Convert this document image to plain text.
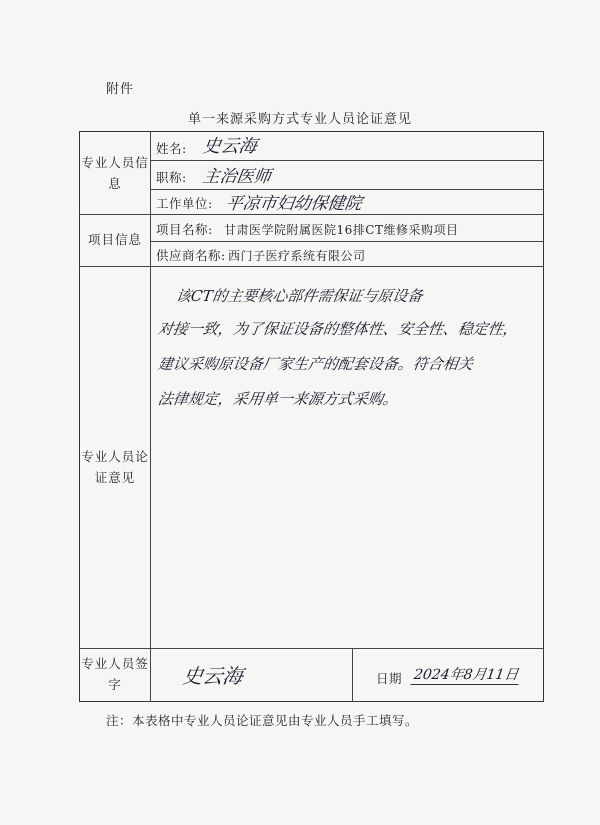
附件
单一来源采购方式专业人员论证意见
专业人员信息
姓名: 史云海
职称: 主治医师
工作单位: 平凉市妇幼保健院
项目信息
项目名称: 甘肃医学院附属医院16排CT维修采购项目
供应商名称: 西门子医疗系统有限公司
专业人员论证意见
该CT的主要核心部件需保证与原设备
对接一致，为了保证设备的整体性、安全性、稳定性，
建议采购原设备厂家生产的配套设备。符合相关
法律规定，采用单一来源方式采购。
专业人员签字	史云海	日期 2024年8月11日
注：本表格中专业人员论证意见由专业人员手工填写。
